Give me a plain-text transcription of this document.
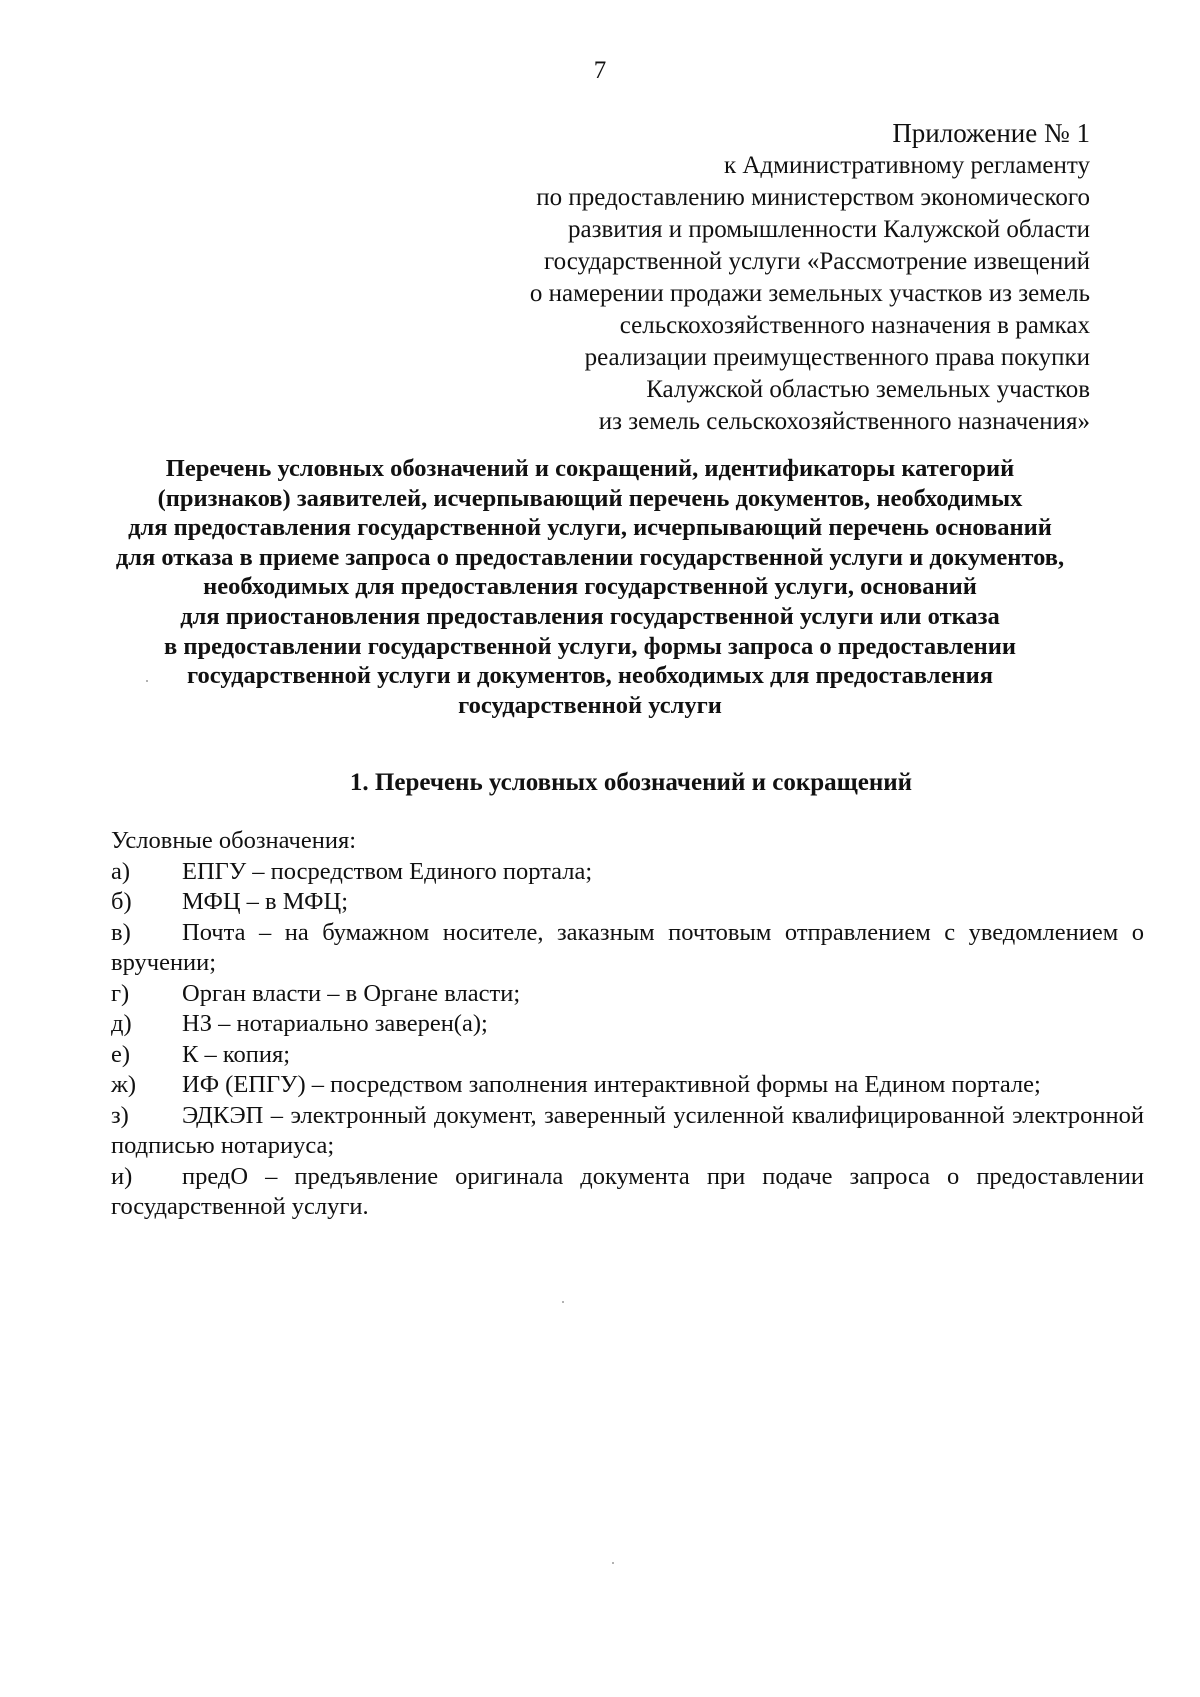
7
Приложение № 1
к Административному регламенту
по предоставлению министерством экономического
развития и промышленности Калужской области
государственной услуги «Рассмотрение извещений
о намерении продажи земельных участков из земель
сельскохозяйственного назначения в рамках
реализации преимущественного права покупки
Калужской областью земельных участков
из земель сельскохозяйственного назначения»
Перечень условных обозначений и сокращений, идентификаторы категорий
(признаков) заявителей, исчерпывающий перечень документов, необходимых
для предоставления государственной услуги, исчерпывающий перечень оснований
для отказа в приеме запроса о предоставлении государственной услуги и документов,
необходимых для предоставления государственной услуги, оснований
для приостановления предоставления государственной услуги или отказа
в предоставлении государственной услуги, формы запроса о предоставлении
государственной услуги и документов, необходимых для предоставления
государственной услуги
1. Перечень условных обозначений и сокращений
Условные обозначения:
а) ЕПГУ – посредством Единого портала;
б) МФЦ – в МФЦ;
в) Почта – на бумажном носителе, заказным почтовым отправлением с уведомлением о вручении;
г) Орган власти – в Органе власти;
д) НЗ – нотариально заверен(а);
е) К – копия;
ж) ИФ (ЕПГУ) – посредством заполнения интерактивной формы на Едином портале;
з) ЭДКЭП – электронный документ, заверенный усиленной квалифицированной электронной подписью нотариуса;
и) предО – предъявление оригинала документа при подаче запроса о предоставлении государственной услуги.
